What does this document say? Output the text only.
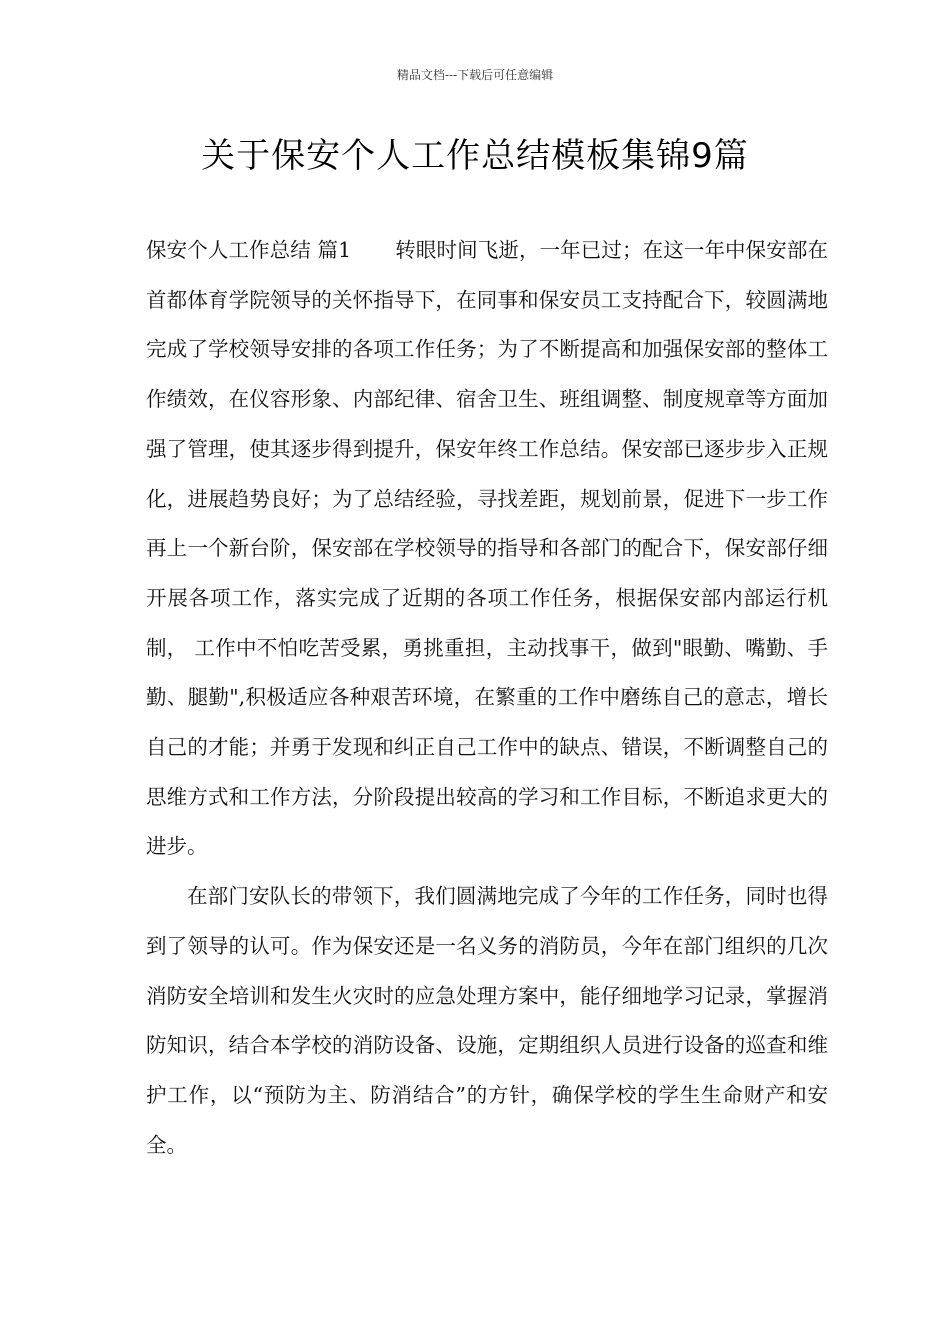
精品文档---下载后可任意编辑
关于保安个人工作总结模板集锦9篇

保安个人工作总结 篇1 转眼时间飞逝，一年已过；在这一年中保安部在首都体育学院领导的关怀指导下，在同事和保安员工支持配合下，较圆满地完成了学校领导安排的各项工作任务；为了不断提高和加强保安部的整体工作绩效，在仪容形象、内部纪律、宿舍卫生、班组调整、制度规章等方面加强了管理，使其逐步得到提升，保安年终工作总结。保安部已逐步步入正规化，进展趋势良好；为了总结经验，寻找差距，规划前景，促进下一步工作再上一个新台阶，保安部在学校领导的指导和各部门的配合下，保安部仔细开展各项工作，落实完成了近期的各项工作任务，根据保安部内部运行机制， 工作中不怕吃苦受累，勇挑重担，主动找事干，做到"眼勤、嘴勤、手勤、腿勤",积极适应各种艰苦环境，在繁重的工作中磨练自己的意志，增长自己的才能；并勇于发现和纠正自己工作中的缺点、错误，不断调整自己的思维方式和工作方法，分阶段提出较高的学习和工作目标，不断追求更大的进步。

在部门安队长的带领下，我们圆满地完成了今年的工作任务，同时也得到了领导的认可。作为保安还是一名义务的消防员，今年在部门组织的几次消防安全培训和发生火灾时的应急处理方案中，能仔细地学习记录，掌握消防知识，结合本学校的消防设备、设施，定期组织人员进行设备的巡查和维护工作，以“预防为主、防消结合”的方针，确保学校的学生生命财产和安全。
